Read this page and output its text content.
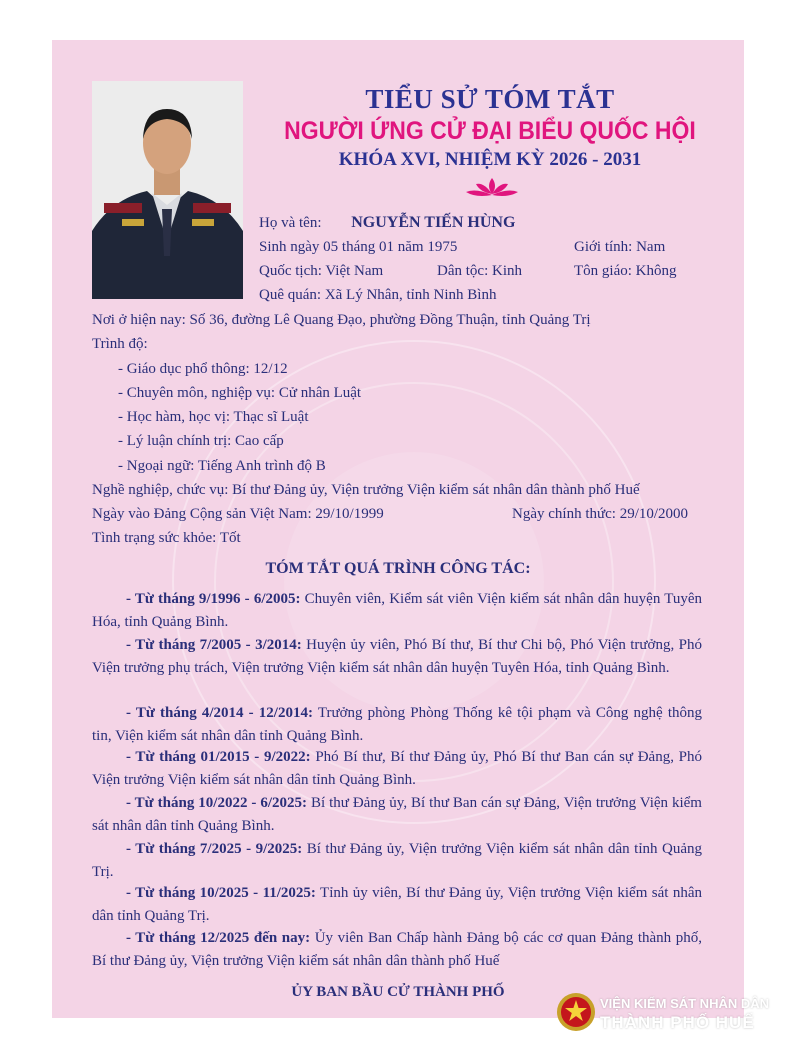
TIỂU SỬ TÓM TẮT
NGƯỜI ỨNG CỬ ĐẠI BIỂU QUỐC HỘI
KHÓA XVI, NHIỆM KỲ 2026 - 2031
Họ và tên: NGUYỄN TIẾN HÙNG
Sinh ngày 05 tháng 01 năm 1975	Giới tính: Nam
Quốc tịch: Việt Nam	Dân tộc: Kinh	Tôn giáo: Không
Quê quán: Xã Lý Nhân, tỉnh Ninh Bình
Nơi ở hiện nay: Số 36, đường Lê Quang Đạo, phường Đồng Thuận, tỉnh Quảng Trị
Trình độ:
- Giáo dục phổ thông: 12/12
- Chuyên môn, nghiệp vụ: Cử nhân Luật
- Học hàm, học vị: Thạc sĩ Luật
- Lý luận chính trị: Cao cấp
- Ngoại ngữ: Tiếng Anh trình độ B
Nghề nghiệp, chức vụ: Bí thư Đảng ủy, Viện trưởng Viện kiểm sát nhân dân thành phố Huế
Ngày vào Đảng Cộng sản Việt Nam: 29/10/1999	Ngày chính thức: 29/10/2000
Tình trạng sức khỏe: Tốt
TÓM TẮT QUÁ TRÌNH CÔNG TÁC:
- Từ tháng 9/1996 - 6/2005: Chuyên viên, Kiểm sát viên Viện kiểm sát nhân dân huyện Tuyên Hóa, tỉnh Quảng Bình.
- Từ tháng 7/2005 - 3/2014: Huyện ủy viên, Phó Bí thư, Bí thư Chi bộ, Phó Viện trưởng, Phó Viện trưởng phụ trách, Viện trưởng Viện kiểm sát nhân dân huyện Tuyên Hóa, tỉnh Quảng Bình.
- Từ tháng 4/2014 - 12/2014: Trưởng phòng Phòng Thống kê tội phạm và Công nghệ thông tin, Viện kiểm sát nhân dân tỉnh Quảng Bình.
- Từ tháng 01/2015 - 9/2022: Phó Bí thư, Bí thư Đảng ủy, Phó Bí thư Ban cán sự Đảng, Phó Viện trưởng Viện kiểm sát nhân dân tỉnh Quảng Bình.
- Từ tháng 10/2022 - 6/2025: Bí thư Đảng ủy, Bí thư Ban cán sự Đảng, Viện trưởng Viện kiểm sát nhân dân tỉnh Quảng Bình.
- Từ tháng 7/2025 - 9/2025: Bí thư Đảng ủy, Viện trưởng Viện kiểm sát nhân dân tỉnh Quảng Trị.
- Từ tháng 10/2025 - 11/2025: Tỉnh ủy viên, Bí thư Đảng ủy, Viện trưởng Viện kiểm sát nhân dân tỉnh Quảng Trị.
- Từ tháng 12/2025 đến nay: Ủy viên Ban Chấp hành Đảng bộ các cơ quan Đảng thành phố, Bí thư Đảng ủy, Viện trưởng Viện kiểm sát nhân dân thành phố Huế
ỦY BAN BẦU CỬ THÀNH PHỐ
VIỆN KIỂM SÁT NHÂN DÂN
THÀNH PHỐ HUẾ
